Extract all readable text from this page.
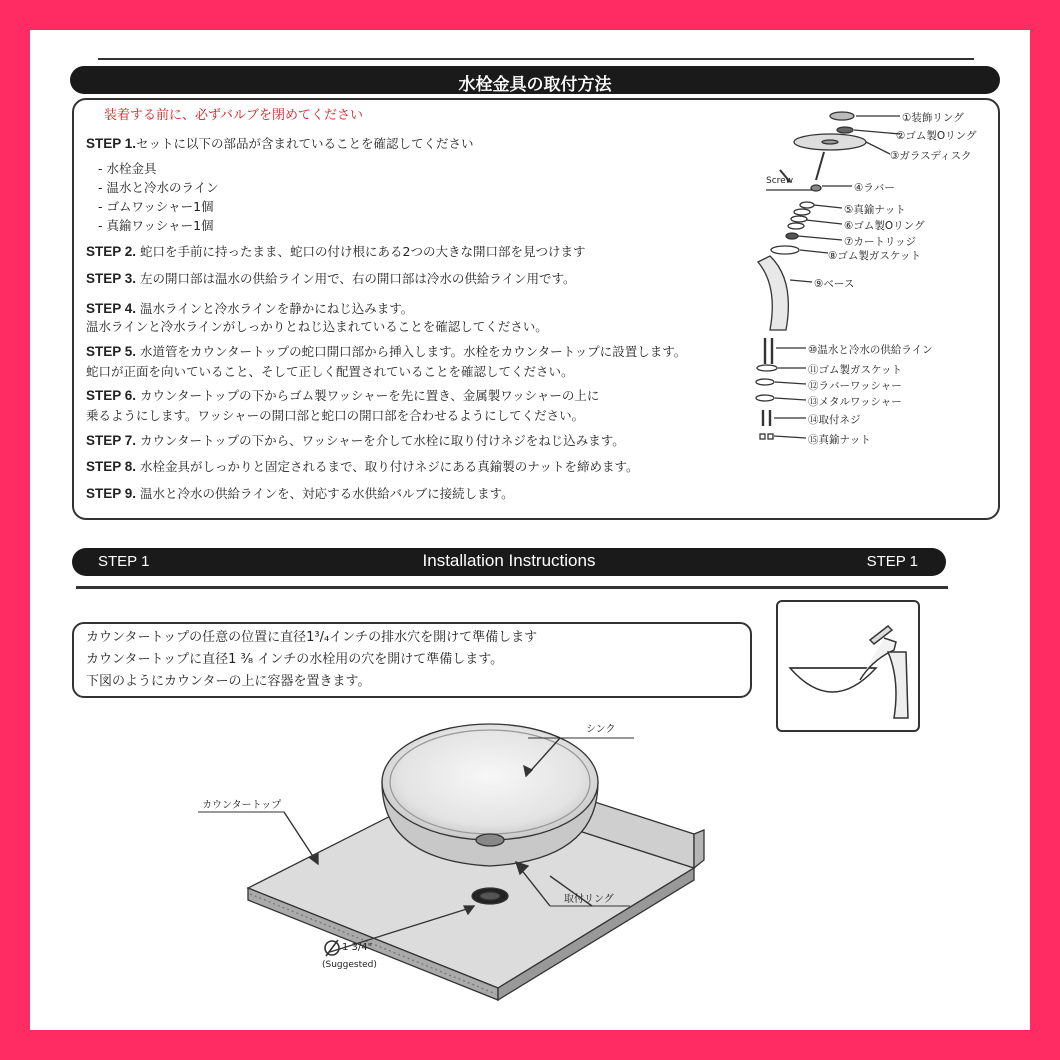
水栓金具の取付方法
装着する前に、必ずバルブを閉めてください
STEP 1.セットに以下の部品が含まれていることを確認してください
- 水栓金具
- 温水と冷水のライン
- ゴムワッシャー1個
- 真鍮ワッシャー1個
STEP 2. 蛇口を手前に持ったまま、蛇口の付け根にある2つの大きな開口部を見つけます
STEP 3. 左の開口部は温水の供給ライン用で、右の開口部は冷水の供給ライン用です。
STEP 4. 温水ラインと冷水ラインを静かにねじ込みます。
温水ラインと冷水ラインがしっかりとねじ込まれていることを確認してください。
STEP 5. 水道管をカウンタートップの蛇口開口部から挿入します。水栓をカウンタートップに設置します。
蛇口が正面を向いていること、そして正しく配置されていることを確認してください。
STEP 6. カウンタートップの下からゴム製ワッシャーを先に置き、金属製ワッシャーの上に
乗るようにします。ワッシャーの開口部と蛇口の開口部を合わせるようにしてください。
STEP 7. カウンタートップの下から、ワッシャーを介して水栓に取り付けネジをねじ込みます。
STEP 8. 水栓金具がしっかりと固定されるまで、取り付けネジにある真鍮製のナットを締めます。
STEP 9. 温水と冷水の供給ラインを、対応する水供給バルブに接続します。
Screw
①装飾リング
②ゴム製Oリング
③ガラスディスク
④ラバー
⑤真鍮ナット
⑥ゴム製Oリング
⑦カートリッジ
⑧ゴム製ガスケット
⑨ベース
⑩温水と冷水の供給ライン
⑪ゴム製ガスケット
⑫ラバーワッシャー
⑬メタルワッシャー
⑭取付ネジ
⑮真鍮ナット
STEP 1	Installation Instructions	STEP 1
カウンタートップの任意の位置に直径1³/₄インチの排水穴を開けて準備します
カウンタートップに直径1 ³⁄₈ インチの水栓用の穴を開けて準備します。
下図のようにカウンターの上に容器を置きます。
シンク
カウンタートップ
取付リング
1 3/4"
(Suggested)
